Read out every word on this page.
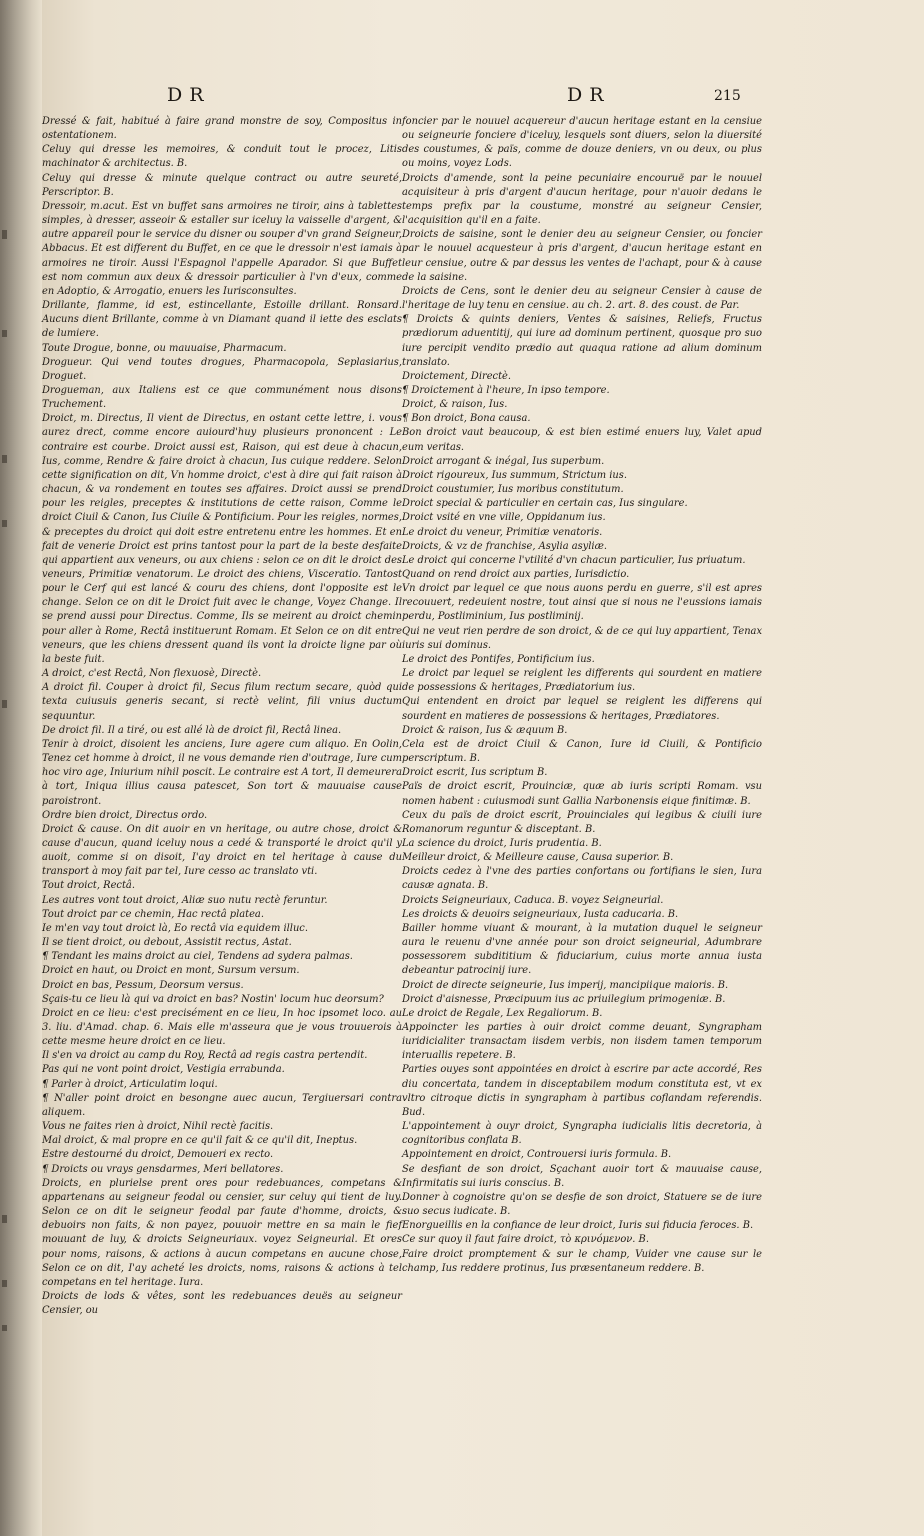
DR	DR	215

Dressé & fait, habitué à faire grand monstre de soy, Compositus in ostentationem.

Celuy qui dresse les memoires, & conduit tout le procez, Litis machinator & architectus. B.

Celuy qui dresse & minute quelque contract ou autre seureté, Perscriptor. B.

Dressoir, m.acut. Est vn buffet sans armoires ne tiroir, ains à tablettes simples, à dresser, asseoir & estaller sur iceluy la vaisselle d'argent, & autre appareil pour le service du disner ou souper d'vn grand Seigneur, Abbacus. Et est different du Buffet, en ce que le dressoir n'est iamais à armoires ne tiroir. Aussi l'Espagnol l'appelle Aparador. Si que Buffet est nom commun aux deux & dressoir particulier à l'vn d'eux, comme en Adoptio, & Arrogatio, enuers les Iurisconsultes.

Drillante, flamme, id est, estincellante, Estoille drillant. Ronsard. Aucuns dient Brillante, comme à vn Diamant quand il iette des esclats de lumiere.

Toute Drogue, bonne, ou mauuaise, Pharmacum.

Drogueur. Qui vend toutes drogues, Pharmacopola, Seplasiarius, Droguet.

Drogueman, aux Italiens est ce que communément nous disons Truchement.

Droict, m. Directus, Il vient de Directus, en ostant cette lettre, i. vous aurez drect, comme encore auiourd'huy plusieurs prononcent : Le contraire est courbe. Droict aussi est, Raison, qui est deue à chacun, Ius, comme, Rendre & faire droict à chacun, Ius cuique reddere. Selon cette signification on dit, Vn homme droict, c'est à dire qui fait raison à chacun, & va rondement en toutes ses affaires. Droict aussi se prend pour les reigles, preceptes & institutions de cette raison, Comme le droict Ciuil & Canon, Ius Ciuile & Pontificium. Pour les reigles, normes, & preceptes du droict qui doit estre entretenu entre les hommes. Et en fait de venerie Droict est prins tantost pour la part de la beste desfaite qui appartient aux veneurs, ou aux chiens : selon ce on dit le droict des veneurs, Primitiæ venatorum. Le droict des chiens, Visceratio. Tantost pour le Cerf qui est lancé & couru des chiens, dont l'opposite est le change. Selon ce on dit le Droict fuit avec le change, Voyez Change. Il se prend aussi pour Directus. Comme, Ils se meirent au droict chemin pour aller à Rome, Rectâ instituerunt Romam. Et Selon ce on dit entre veneurs, que les chiens dressent quand ils vont la droicte ligne par où la beste fuit.

A droict, c'est Rectâ, Non flexuosè, Directè.

A droict fil. Couper à droict fil, Secus filum rectum secare, quòd qui texta cuiusuis generis secant, si rectè velint, fili vnius ductum sequuntur.

De droict fil. Il a tiré, ou est allé là de droict fil, Rectâ linea.

Tenir à droict, disoient les anciens, Iure agere cum aliquo. En Oolin, Tenez cet homme à droict, il ne vous demande rien d'outrage, Iure cum hoc viro age, Iniurium nihil poscit. Le contraire est A tort, Il demeurera à tort, Iniqua illius causa patescet, Son tort & mauuaise cause paroistront.

Ordre bien droict, Directus ordo.

Droict & cause. On dit auoir en vn heritage, ou autre chose, droict & cause d'aucun, quand iceluy nous a cedé & transporté le droict qu'il y auoit, comme si on disoit, I'ay droict en tel heritage à cause du transport à moy fait par tel, Iure cesso ac translato vti.

Tout droict, Rectâ.

Les autres vont tout droict, Aliæ suo nutu rectè feruntur.

Tout droict par ce chemin, Hac rectâ platea.

Ie m'en vay tout droict là, Eo rectâ via equidem illuc.

Il se tient droict, ou debout, Assistit rectus, Astat.

¶ Tendant les mains droict au ciel, Tendens ad sydera palmas.

Droict en haut, ou Droict en mont, Sursum versum.

Droict en bas, Pessum, Deorsum versus.

Sçais-tu ce lieu là qui va droict en bas? Nostin' locum huc deorsum?

Droict en ce lieu: c'est precisément en ce lieu, In hoc ipsomet loco. au 3. liu. d'Amad. chap. 6. Mais elle m'asseura que je vous trouuerois à cette mesme heure droict en ce lieu.

Il s'en va droict au camp du Roy, Rectâ ad regis castra pertendit.

Pas qui ne vont point droict, Vestigia errabunda.

¶ Parler à droict, Articulatim loqui.

¶ N'aller point droict en besongne auec aucun, Tergiuersari contra aliquem.

Vous ne faites rien à droict, Nihil rectè facitis.

Mal droict, & mal propre en ce qu'il fait & ce qu'il dit, Ineptus.

Estre destourné du droict, Demoueri ex recto.

¶ Droicts ou vrays gensdarmes, Meri bellatores.

Droicts, en plurielse prent ores pour redebuances, competans & appartenans au seigneur feodal ou censier, sur celuy qui tient de luy. Selon ce on dit le seigneur feodal par faute d'homme, droicts, & debuoirs non faits, & non payez, pouuoir mettre en sa main le fief mouuant de luy, & droicts Seigneuriaux. voyez Seigneurial. Et ores pour noms, raisons, & actions à aucun competans en aucune chose, Selon ce on dit, I'ay acheté les droicts, noms, raisons & actions à tel competans en tel heritage. Iura.

Droicts de lods & vêtes, sont les redebuances deuës au seigneur Censier, ou

foncier par le nouuel acquereur d'aucun heritage estant en la censiue ou seigneurie fonciere d'iceluy, lesquels sont diuers, selon la diuersité des coustumes, & païs, comme de douze deniers, vn ou deux, ou plus ou moins, voyez Lods.

Droicts d'amende, sont la peine pecuniaire encouruë par le nouuel acquisiteur à pris d'argent d'aucun heritage, pour n'auoir dedans le temps prefix par la coustume, monstré au seigneur Censier, l'acquisition qu'il en a faite.

Droicts de saisine, sont le denier deu au seigneur Censier, ou foncier par le nouuel acquesteur à pris d'argent, d'aucun heritage estant en leur censiue, outre & par dessus les ventes de l'achapt, pour & à cause de la saisine.

Droicts de Cens, sont le denier deu au seigneur Censier à cause de l'heritage de luy tenu en censiue. au ch. 2. art. 8. des coust. de Par.

¶ Droicts & quints deniers, Ventes & saisines, Reliefs, Fructus prædiorum aduentitij, qui iure ad dominum pertinent, quosque pro suo iure percipit vendito prædio aut quaqua ratione ad alium dominum translato.

Droictement, Directè.

¶ Droictement à l'heure, In ipso tempore.

Droict, & raison, Ius.

¶ Bon droict, Bona causa.

Bon droict vaut beaucoup, & est bien estimé enuers luy, Valet apud eum veritas.

Droict arrogant & inégal, Ius superbum.

Droict rigoureux, Ius summum, Strictum ius.

Droict coustumier, Ius moribus constitutum.

Droict special & particulier en certain cas, Ius singulare.

Droict vsité en vne ville, Oppidanum ius.

Le droict du veneur, Primitiæ venatoris.

Droicts, & vz de franchise, Asylia asyliæ.

Le droict qui concerne l'vtilité d'vn chacun particulier, Ius priuatum.

Quand on rend droict aux parties, Iurisdictio.

Vn droict par lequel ce que nous auons perdu en guerre, s'il est apres recouuert, redeuient nostre, tout ainsi que si nous ne l'eussions iamais perdu, Postliminium, Ius postliminij.

Qui ne veut rien perdre de son droict, & de ce qui luy appartient, Tenax iuris sui dominus.

Le droict des Pontifes, Pontificium ius.

Le droict par lequel se reiglent les differents qui sourdent en matiere de possessions & heritages, Prædiatorium ius.

Qui entendent en droict par lequel se reiglent les differens qui sourdent en matieres de possessions & heritages, Prædiatores.

Droict & raison, Ius & æquum B.

Cela est de droict Ciuil & Canon, Iure id Ciuili, & Pontificio perscriptum. B.

Droict escrit, Ius scriptum B.

Païs de droict escrit, Prouinciæ, quæ ab iuris scripti Romam. vsu nomen habent : cuiusmodi sunt Gallia Narbonensis eique finitimæ. B.

Ceux du païs de droict escrit, Prouinciales qui legibus & ciuili iure Romanorum reguntur & disceptant. B.

La science du droict, Iuris prudentia. B.

Meilleur droict, & Meilleure cause, Causa superior. B.

Droicts cedez à l'vne des parties confortans ou fortifians le sien, Iura causæ agnata. B.

Droicts Seigneuriaux, Caduca. B. voyez Seigneurial.

Les droicts & deuoirs seigneuriaux, Iusta caducaria. B.

Bailler homme viuant & mourant, à la mutation duquel le seigneur aura le reuenu d'vne année pour son droict seigneurial, Adumbrare possessorem subdititium & fiduciarium, cuius morte annua iusta debeantur patrocinij iure.

Droict de directe seigneurie, Ius imperij, mancipiique maioris. B.

Droict d'aisnesse, Præcipuum ius ac priuilegium primogeniæ. B.

Le droict de Regale, Lex Regaliorum. B.

Appoincter les parties à ouir droict comme deuant, Syngrapham iuridicialiter transactam iisdem verbis, non iisdem tamen temporum interuallis repetere. B.

Parties ouyes sont appointées en droict à escrire par acte accordé, Res diu concertata, tandem in disceptabilem modum constituta est, vt ex vltro citroque dictis in syngrapham à partibus coflandam referendis. Bud.

L'appointement à ouyr droict, Syngrapha iudicialis litis decretoria, à cognitoribus conflata B.

Appointement en droict, Controuersi iuris formula. B.

Se desfiant de son droict, Sçachant auoir tort & mauuaise cause, Infirmitatis sui iuris conscius. B.

Donner à cognoistre qu'on se desfie de son droict, Statuere se de iure suo secus iudicate. B.

Enorgueillis en la confiance de leur droict, Iuris sui fiducia feroces. B.

Ce sur quoy il faut faire droict, τὸ κρινόμενον. B.

Faire droict promptement & sur le champ, Vuider vne cause sur le champ, Ius reddere protinus, Ius præsentaneum reddere. B.
